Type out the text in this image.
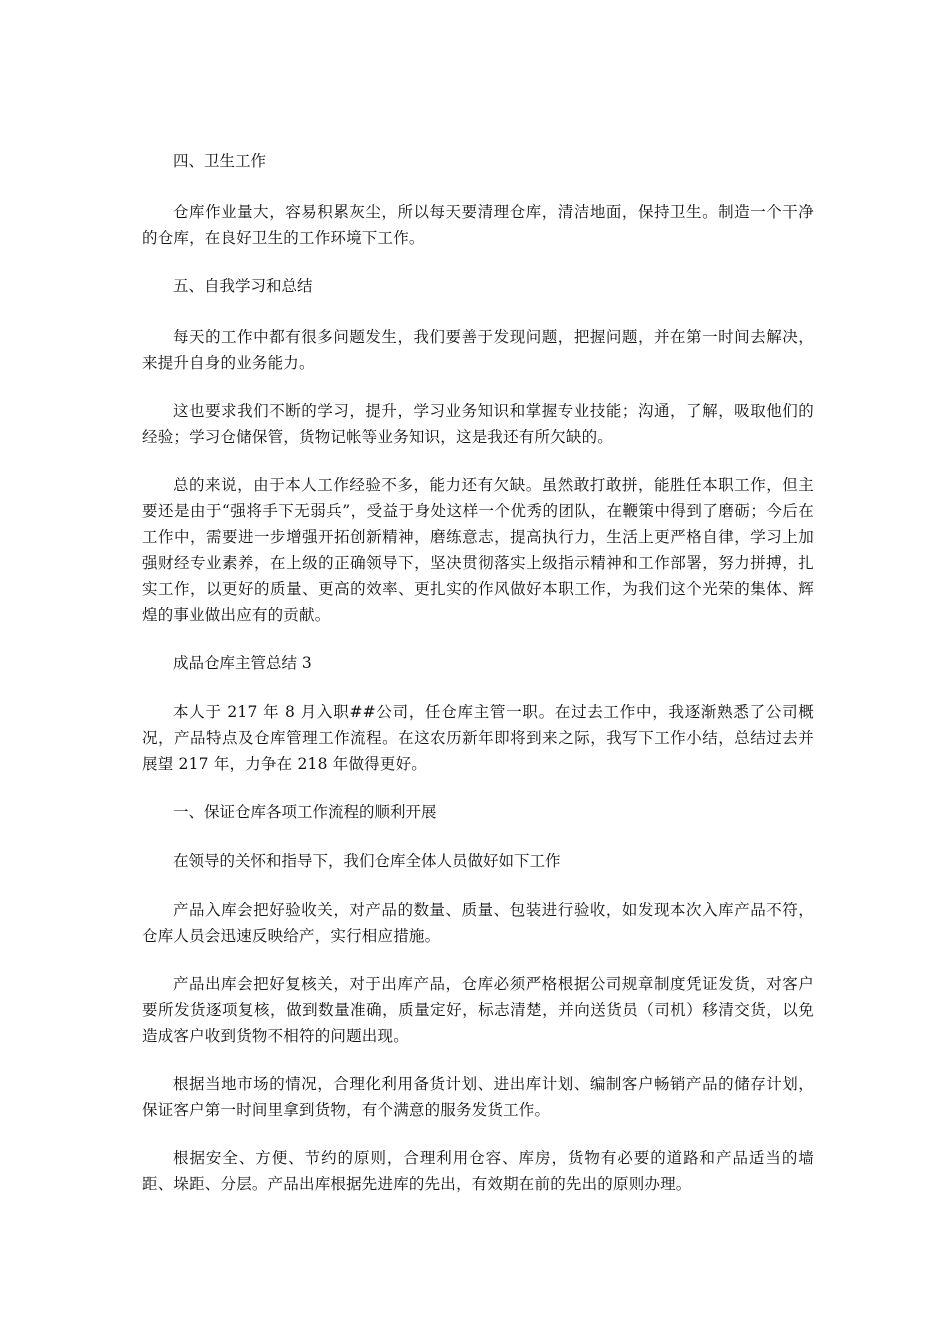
四、卫生工作

仓库作业量大，容易积累灰尘，所以每天要清理仓库，清洁地面，保持卫生。制造一个干净的仓库，在良好卫生的工作环境下工作。

五、自我学习和总结

每天的工作中都有很多问题发生，我们要善于发现问题，把握问题，并在第一时间去解决，来提升自身的业务能力。

这也要求我们不断的学习，提升，学习业务知识和掌握专业技能；沟通，了解，吸取他们的经验；学习仓储保管，货物记帐等业务知识，这是我还有所欠缺的。

总的来说，由于本人工作经验不多，能力还有欠缺。虽然敢打敢拼，能胜任本职工作，但主要还是由于“强将手下无弱兵”，受益于身处这样一个优秀的团队，在鞭策中得到了磨砺；今后在工作中，需要进一步增强开拓创新精神，磨练意志，提高执行力，生活上更严格自律，学习上加强财经专业素养，在上级的正确领导下，坚决贯彻落实上级指示精神和工作部署，努力拼搏，扎实工作，以更好的质量、更高的效率、更扎实的作风做好本职工作，为我们这个光荣的集体、辉煌的事业做出应有的贡献。

成品仓库主管总结 3

本人于 217 年 8 月入职##公司，任仓库主管一职。在过去工作中，我逐渐熟悉了公司概况，产品特点及仓库管理工作流程。在这农历新年即将到来之际，我写下工作小结，总结过去并展望 217 年，力争在 218 年做得更好。

一、保证仓库各项工作流程的顺利开展

在领导的关怀和指导下，我们仓库全体人员做好如下工作

产品入库会把好验收关，对产品的数量、质量、包装进行验收，如发现本次入库产品不符，仓库人员会迅速反映给产，实行相应措施。

产品出库会把好复核关，对于出库产品，仓库必须严格根据公司规章制度凭证发货，对客户要所发货逐项复核，做到数量准确，质量定好，标志清楚，并向送货员（司机）移清交货，以免造成客户收到货物不相符的问题出现。

根据当地市场的情况，合理化利用备货计划、进出库计划、编制客户畅销产品的储存计划，保证客户第一时间里拿到货物，有个满意的服务发货工作。

根据安全、方便、节约的原则，合理利用仓容、库房，货物有必要的道路和产品适当的墙距、垛距、分层。产品出库根据先进库的先出，有效期在前的先出的原则办理。
